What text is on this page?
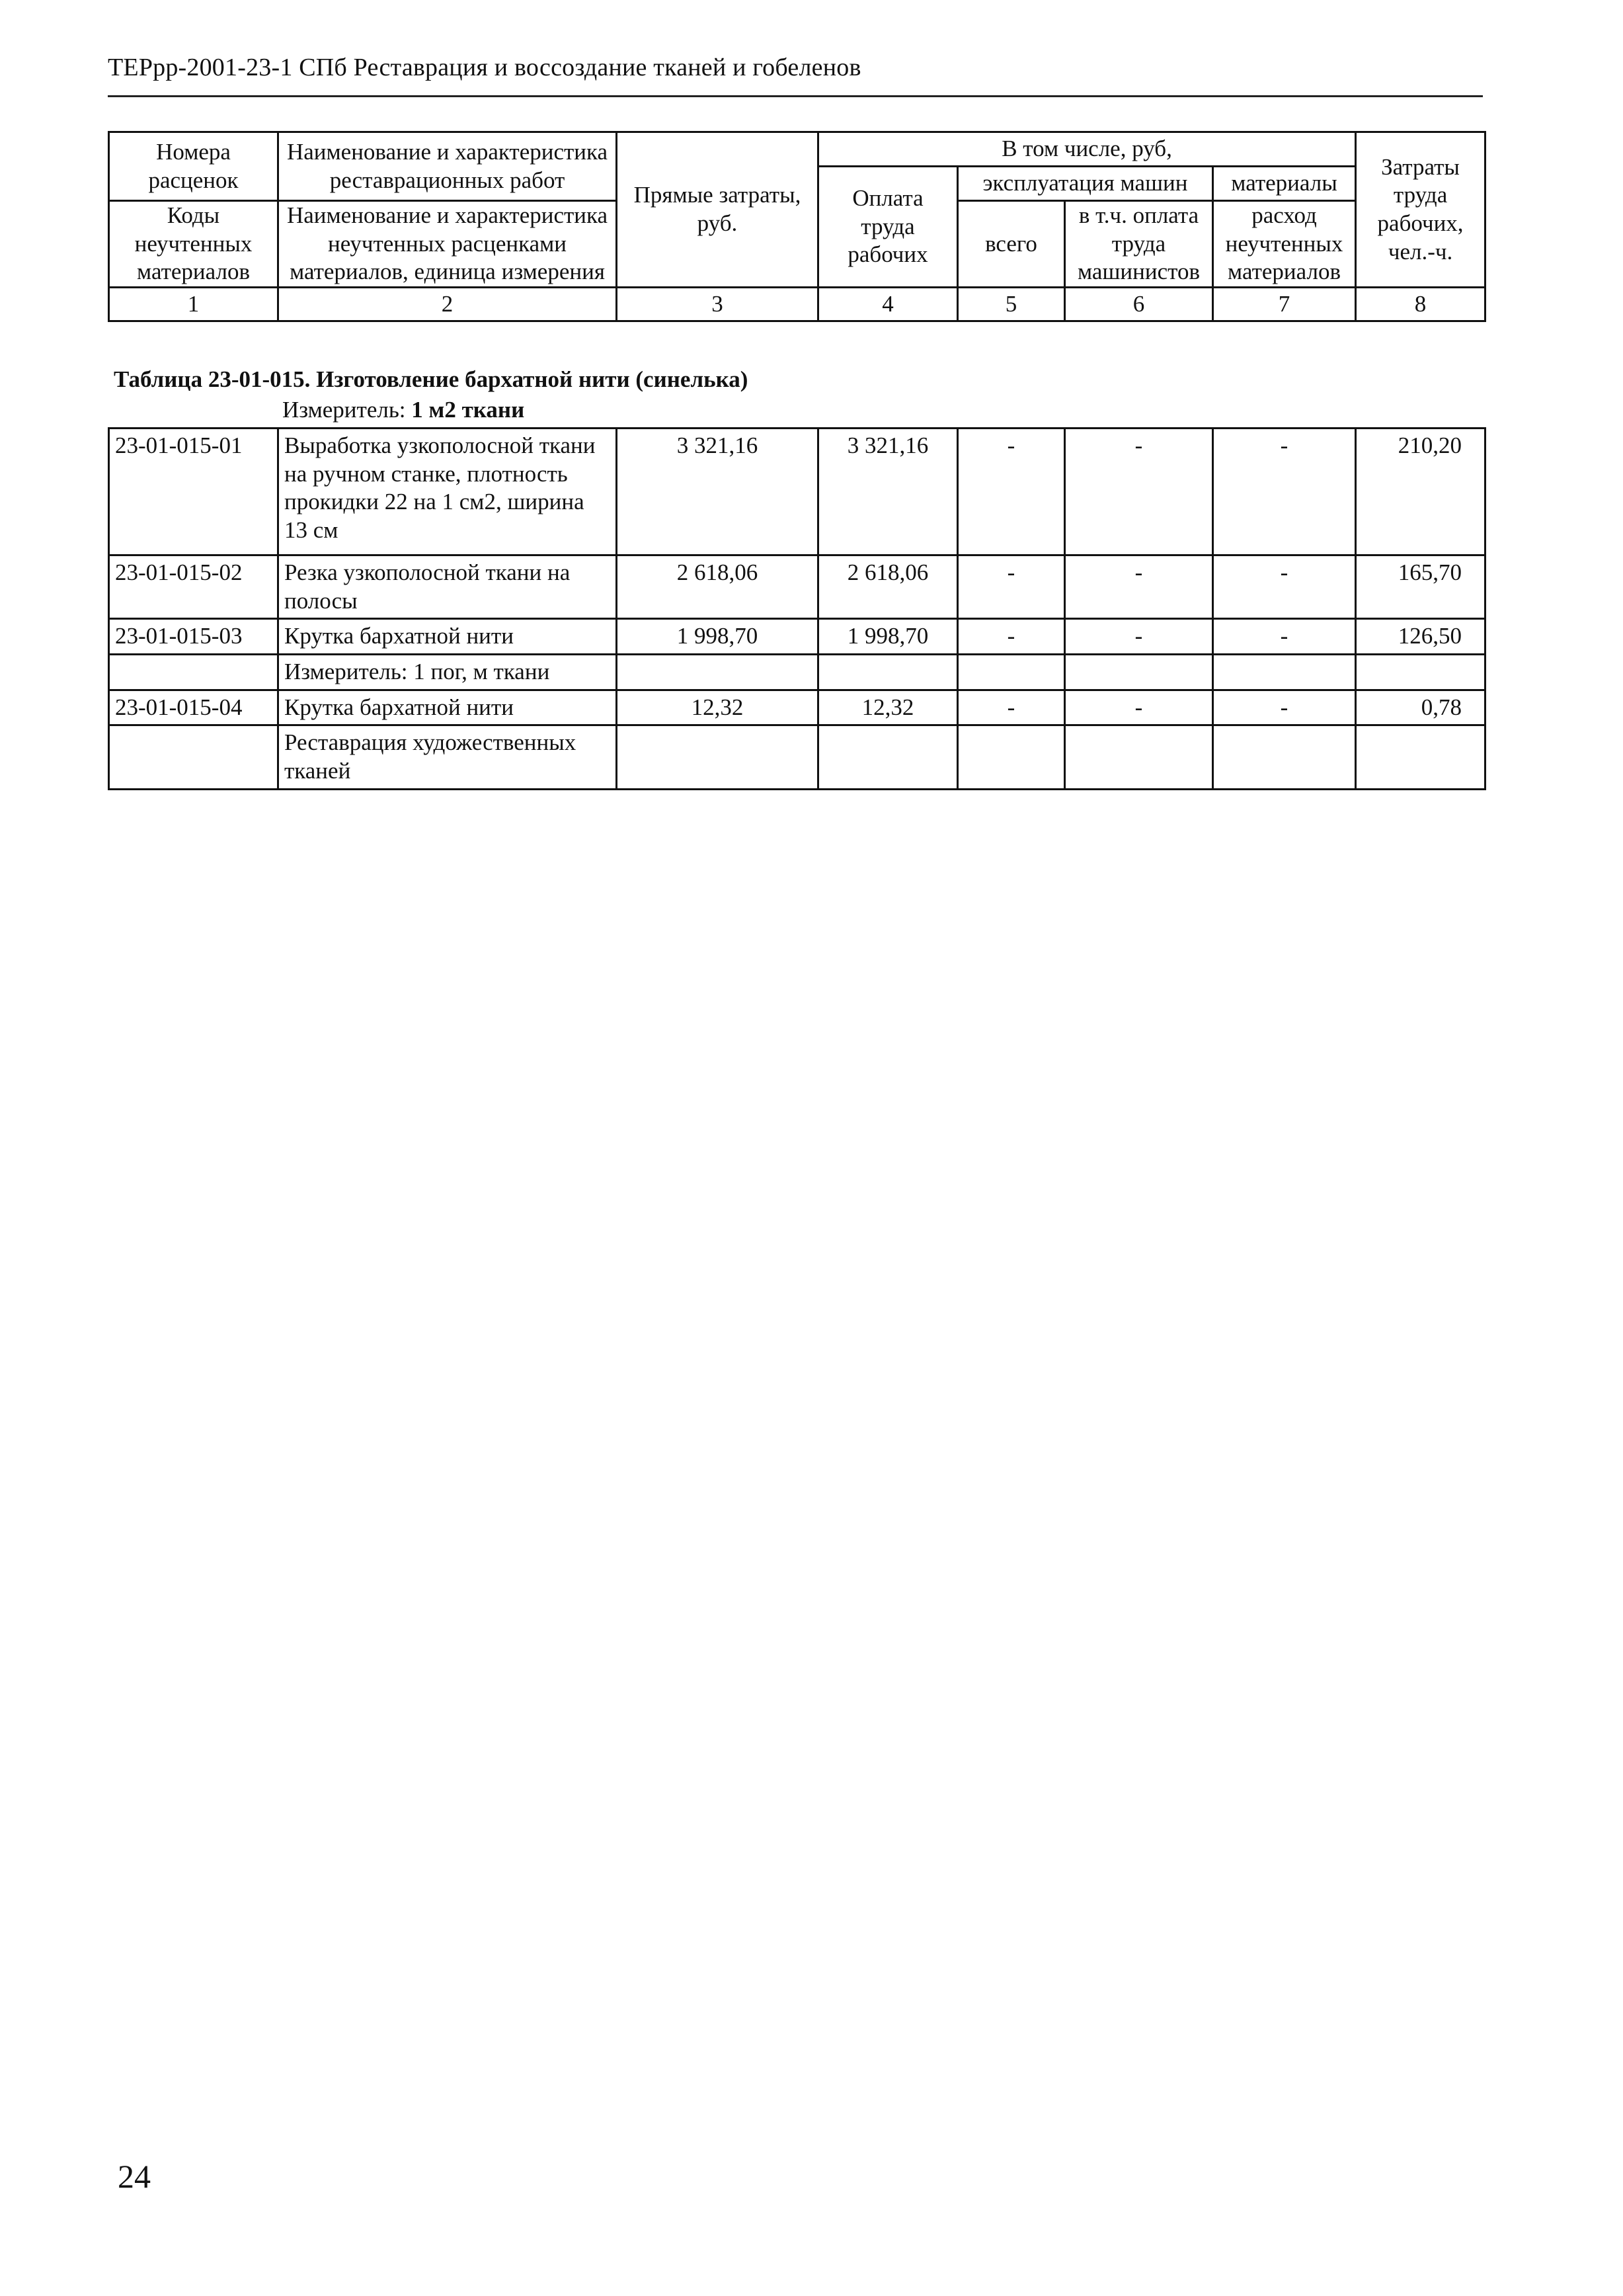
ТЕРрр-2001-23-1 СПб Реставрация и воссоздание тканей и гобеленов
Номера расценок	Наименование и характеристика реставрационных работ	Прямые затраты, руб.	В том числе, руб,				Затраты труда рабочих, чел.-ч.
			Оплата труда рабочих	эксплуатация машин		материалы	
Коды неучтенных материалов	Наименование и характеристика неучтенных расценками материалов, единица измерения			всего	в т.ч. оплата труда машинистов	расход неучтенных материалов	

1	2	3	4	5	6	7	8
Таблица 23-01-015. Изготовление бархатной нити (синелька)
Измеритель: 1 м2 ткани
23-01-015-01	Выработка узкополосной ткани на ручном станке, плотность прокидки 22 на 1 см2, ширина 13 см	3 321,16	3 321,16	-	-	-	210,20
23-01-015-02	Резка узкополосной ткани на полосы	2 618,06	2 618,06	-	-	-	165,70
23-01-015-03	Крутка бархатной нити	1 998,70	1 998,70	-	-	-	126,50
	Измеритель: 1 пог, м ткани						
23-01-015-04	Крутка бархатной нити	12,32	12,32	-	-	-	0,78
	Реставрация художественных тканей						
24
